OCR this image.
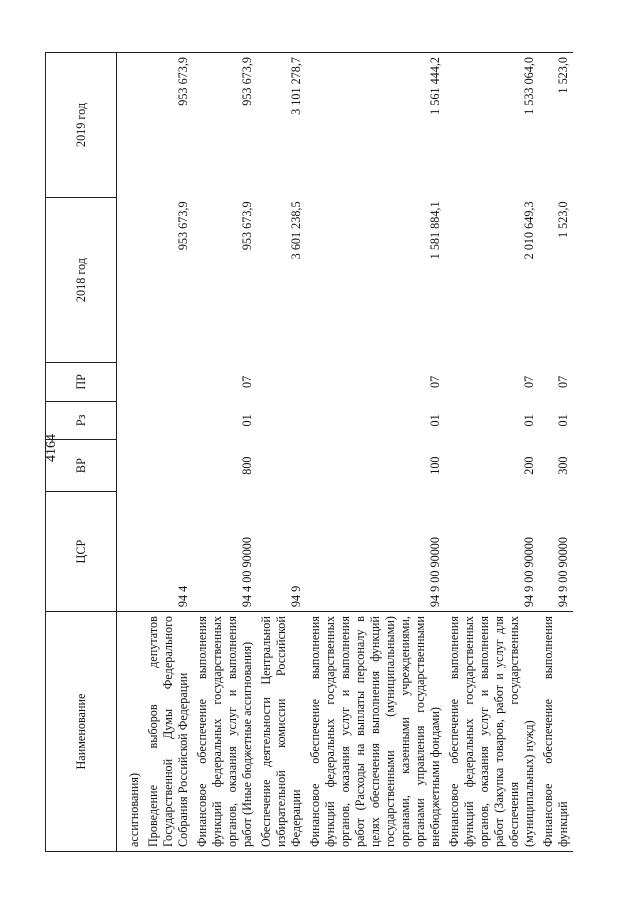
4164
Наименование	ЦСР	ВР	Рз	ПР	2018 год	2019 год

ассигнования)						
Проведение выборов депутатов Государственной Думы Федерального Собрания Российской Федерации	94 4				953 673,9	953 673,9
Финансовое обеспечение выполнения функций федеральных государственных органов, оказания услуг и выполнения работ (Иные бюджетные ассигнования)	94 4 00 90000	800	01	07	953 673,9	953 673,9
Обеспечение деятельности Центральной избирательной комиссии Российской Федерации	94 9				3 601 238,5	3 101 278,7
Финансовое обеспечение выполнения функций федеральных государственных органов, оказания услуг и выполнения работ (Расходы на выплаты персоналу в целях обеспечения выполнения функций государственными (муниципальными) органами, казенными учреждениями, органами управления государственными внебюджетными фондами)	94 9 00 90000	100	01	07	1 581 884,1	1 561 444,2
Финансовое обеспечение выполнения функций федеральных государственных органов, оказания услуг и выполнения работ (Закупка товаров, работ и услуг для обеспечения государственных (муниципальных) нужд)	94 9 00 90000	200	01	07	2 010 649,3	1 533 064,0
Финансовое обеспечение выполнения функций	94 9 00 90000	300	01	07	1 523,0	1 523,0
